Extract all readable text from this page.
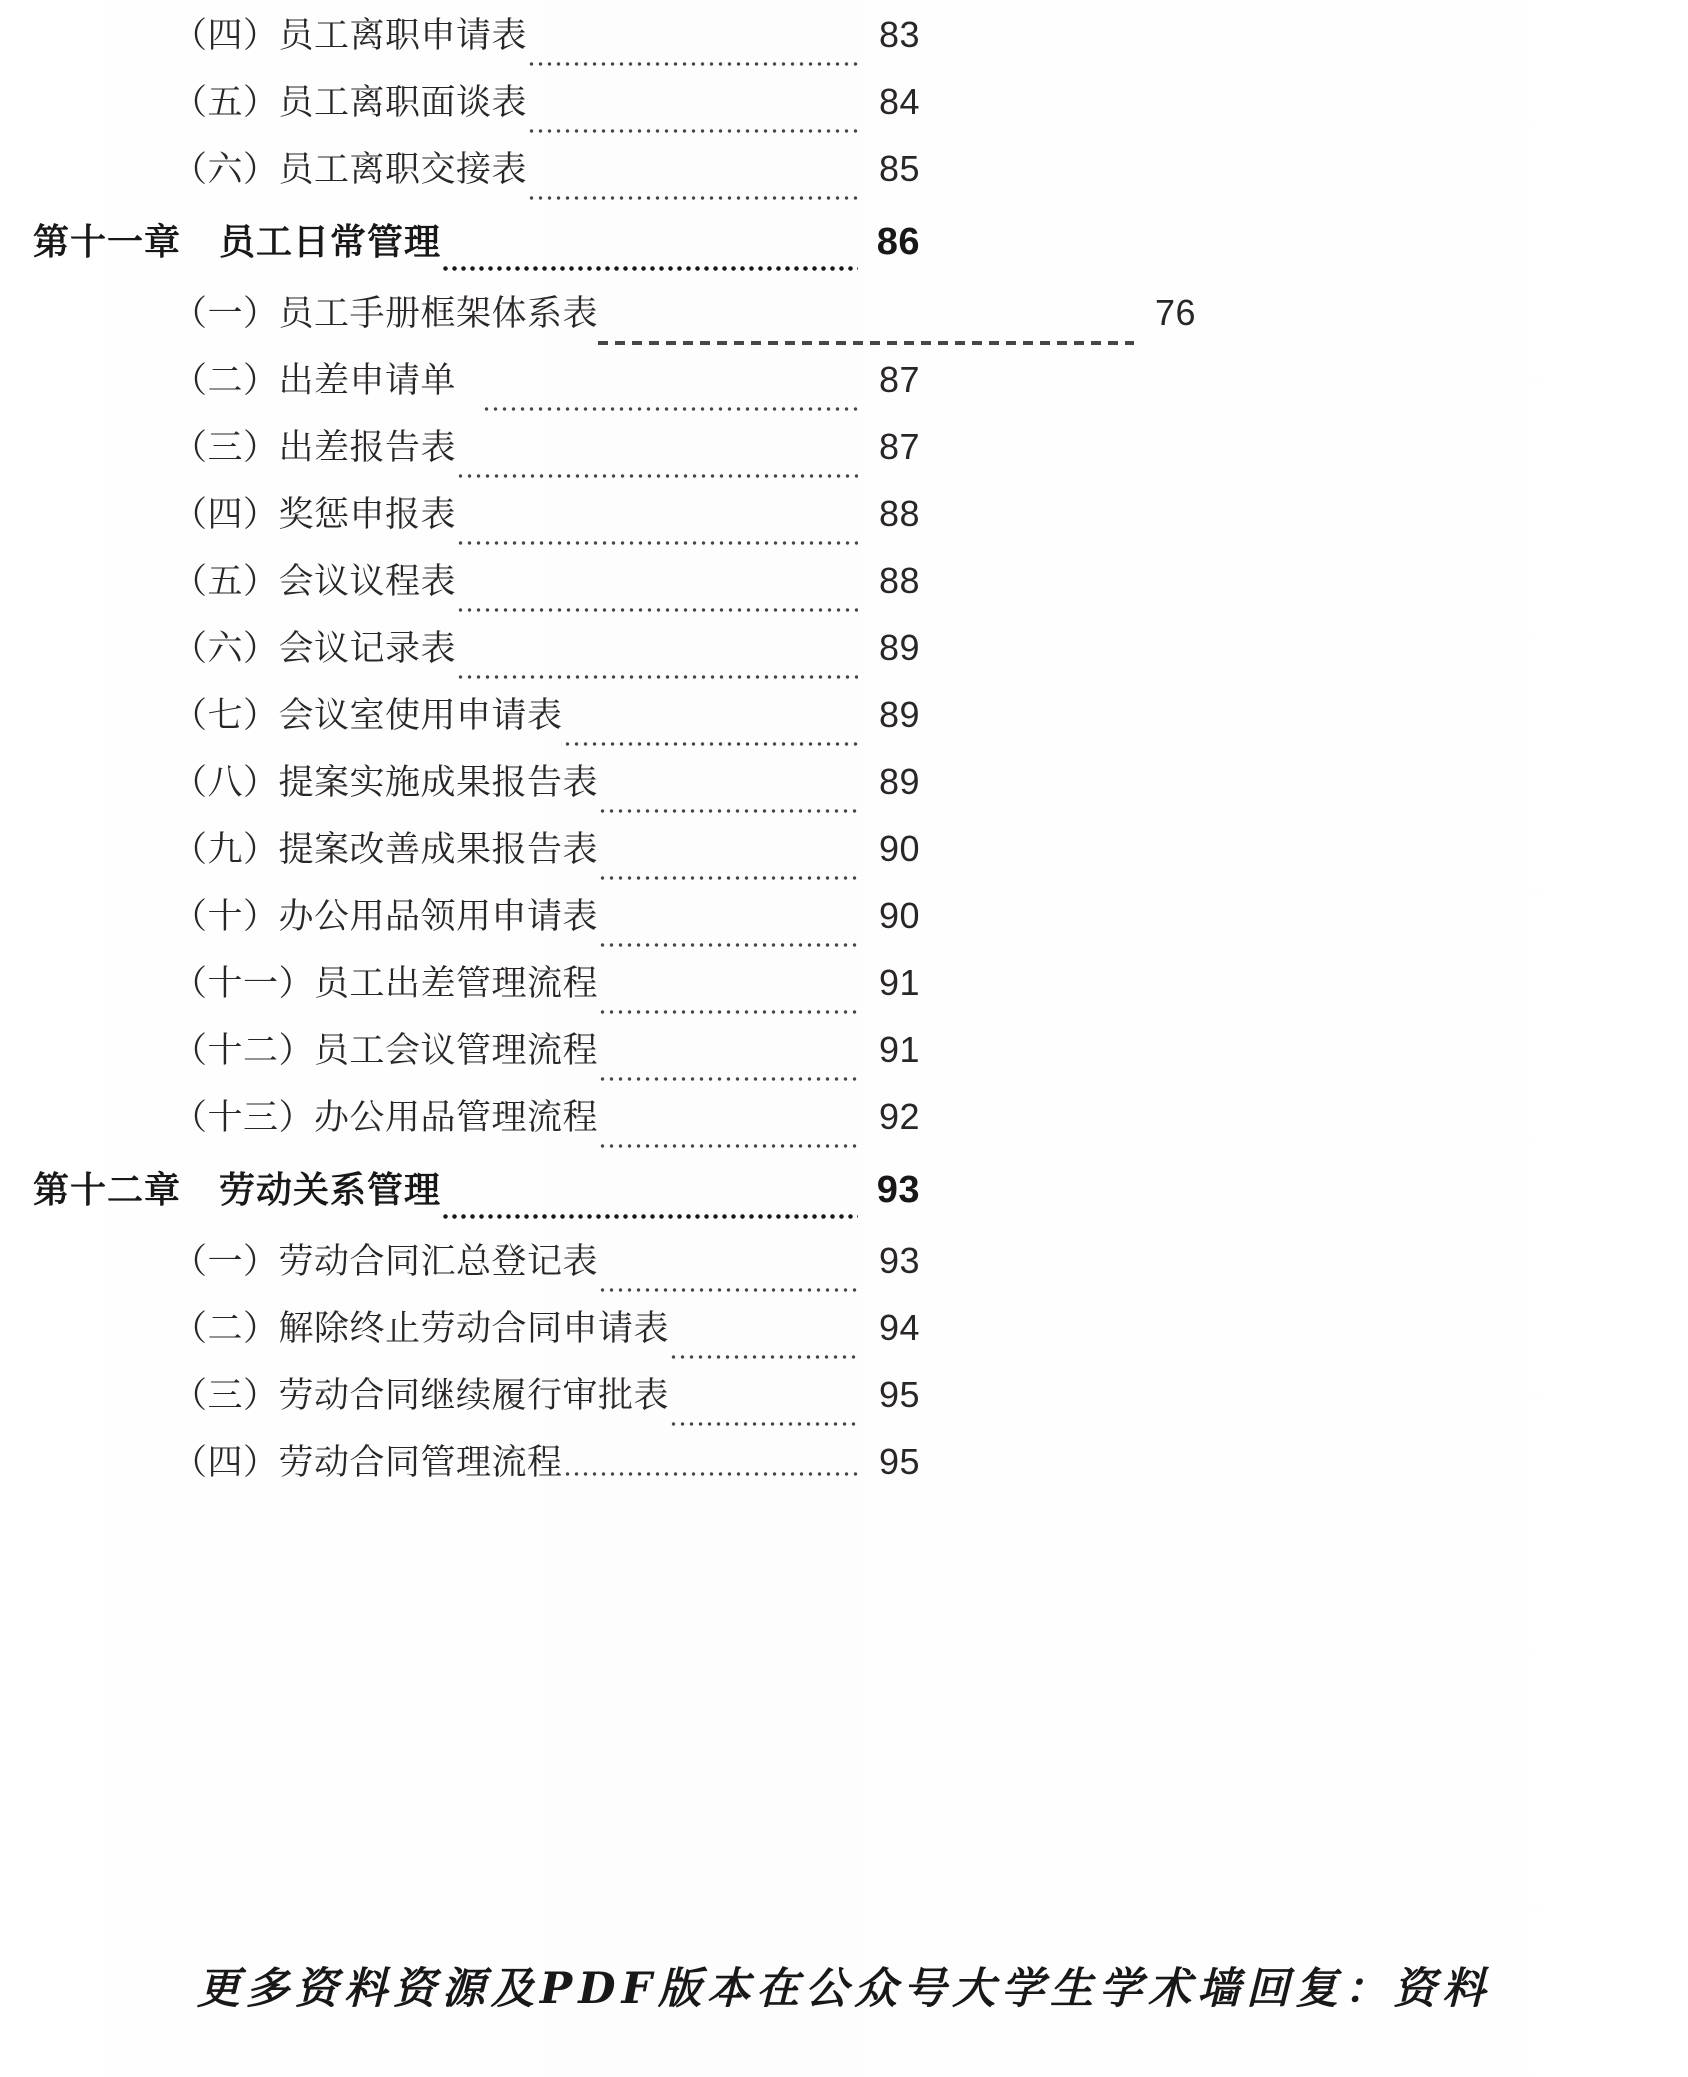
（四）员工离职申请表	83
（五）员工离职面谈表	84
（六）员工离职交接表	85
第十一章 员工日常管理	86
（一）员工手册框架体系表	76
（二）出差申请单	87
（三）出差报告表	87
（四）奖惩申报表	88
（五）会议议程表	88
（六）会议记录表	89
（七）会议室使用申请表	89
（八）提案实施成果报告表	89
（九）提案改善成果报告表	90
（十）办公用品领用申请表	90
（十一）员工出差管理流程	91
（十二）员工会议管理流程	91
（十三）办公用品管理流程	92
第十二章 劳动关系管理	93
（一）劳动合同汇总登记表	93
（二）解除终止劳动合同申请表	94
（三）劳动合同继续履行审批表	95
（四）劳动合同管理流程	95
更多资料资源及PDF版本在公众号大学生学术墙回复：资料
